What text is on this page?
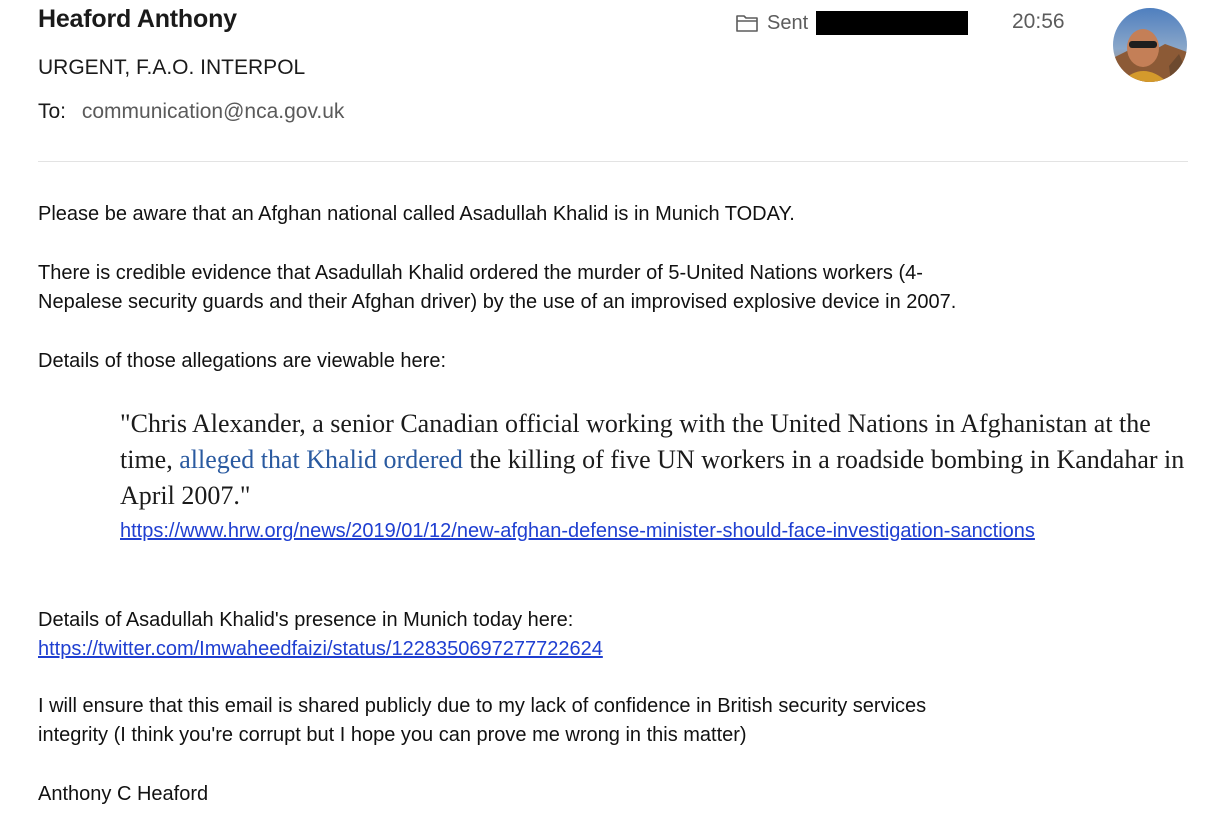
Heaford Anthony
URGENT, F.A.O. INTERPOL
To: communication@nca.gov.uk
Sent	20:56

Please be aware that an Afghan national called Asadullah Khalid is in Munich TODAY.

There is credible evidence that Asadullah Khalid ordered the murder of 5-United Nations workers (4-
Nepalese security guards and their Afghan driver) by the use of an improvised explosive device in 2007.

Details of those allegations are viewable here:

"Chris Alexander, a senior Canadian official working with the United Nations in Afghanistan at the time, alleged that Khalid ordered the killing of five UN workers in a roadside bombing in Kandahar in April 2007."
https://www.hrw.org/news/2019/01/12/new-afghan-defense-minister-should-face-investigation-sanctions
Details of Asadullah Khalid's presence in Munich today here:
https://twitter.com/Imwaheedfaizi/status/1228350697277722624
I will ensure that this email is shared publicly due to my lack of confidence in British security services
integrity (I think you're corrupt but I hope you can prove me wrong in this matter)

Anthony C Heaford
